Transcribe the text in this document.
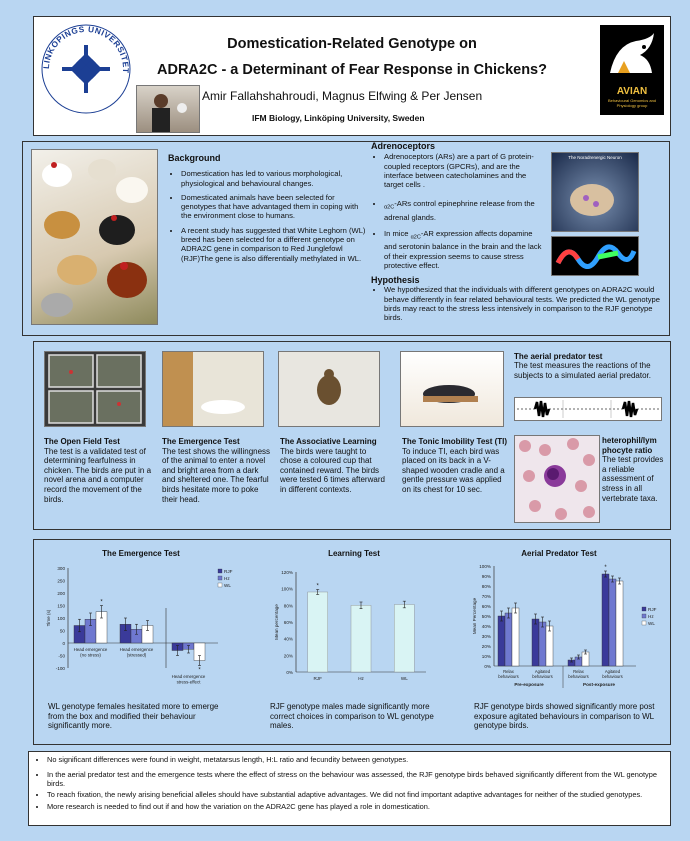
LINKÖPINGS UNIVERSITET
Domestication-Related Genotype on
ADRA2C - a Determinant of Fear Response in Chickens?
Amir Fallahshahroudi, Magnus Elfwing & Per Jensen
IFM Biology, Linköping University, Sweden
AVIAN
Behavioural Genomics and Physiology group
Background
• Domestication has led to various morphological, physiological and behavioural changes.
• Domesticated animals have been selected for genotypes that have advantaged them in coping with the environment close to humans.
• A recent study has suggested that White Leghorn (WL) breed has been selected for a different genotype on ADRA2C gene in comparison to Red Junglefowl (RJF)The gene is also differentially methylated in WL.
Adrenoceptors
• Adrenoceptors (ARs) are a part of G protein-coupled receptors (GPCRs), and are the interface between catecholamines and the target cells .
• $_{\alpha 2C}$-ARs control epinephrine release from the adrenal glands.
• In mice $_{\alpha 2C}$-AR expression affects dopamine and serotonin balance in the brain and the lack of their expression seems to cause stress protective effect.
The Noradrenergic Neuron
Hypothesis
• We hypothesized that the individuals with different genotypes on ADRA2C would behave differently in fear related behavioural tests. We predicted the WL genotype birds may react to the stress less intensively in comparison to the RJF genotype birds.
The aerial predator test
The test measures the reactions of the subjects to a simulated aerial predator.
heterophil/lym
phocyte ratio
The test provides a reliable assessment of stress in all vertebrate taxa.
The Open Field Test
The test is a validated test of determining fearfulness in chicken. The birds are put in a novel arena and a computer record the movement of the birds.
The Emergence Test
The test shows the willingness of the animal to enter a novel and bright area from a dark and sheltered one. The fearful birds hesitate more to poke their head.
The Associative Learning
The birds were taught to chose a coloured cup that contained reward. The birds were tested 6 times afterward in different contexts.
The Tonic Imobility Test (TI)
To induce TI, each bird was placed on its back in a V-shaped wooden cradle and a gentle pressure was applied on its chest for 10 sec.
The Emergence Test	Learning Test	Aerial Predator Test
300
250
200
150
100
50
0
-50
-100
Time (s)
*
Head emergence
(no stress)
Head emergence
(stressed)
*
Head emergence
stress-effect
RJF
Hz
WL
120%
100%
80%
60%
40%
20%
0%
Mean percentage
*
RJF	Hz	WL
100%
90%
80%
70%
60%
50%
40%
30%
20%
10%
0%
Mean Percentage
Relax
behaviours
Agitated
behaviours
Relax
behaviours
*
Agitated
behaviours
Pre-exposure	Post-exposure
RJF
Hz
WL
WL genotype females hesitated more to emerge from the box and modified their behaviour significantly more.
RJF genotype males made significantly more correct choices in comparison to WL genotype males.
RJF genotype birds showed significantly more post exposure agitated behaviours in comparison to WL genotype birds.
• No significant differences were found in weight, metatarsus length, H:L ratio and fecundity between genotypes.
• In the aerial predator test and the emergence tests where the effect of stress on the behaviour was assessed, the RJF genotype birds behaved significantly different from the WL genotype birds.
• To reach fixation, the newly arising beneficial alleles should have substantial adaptive advantages. We did not find important adaptive advantages for neither of the studied genotypes.
• More research is needed to find out if and how the variation on the ADRA2C gene has played a role in domestication.
